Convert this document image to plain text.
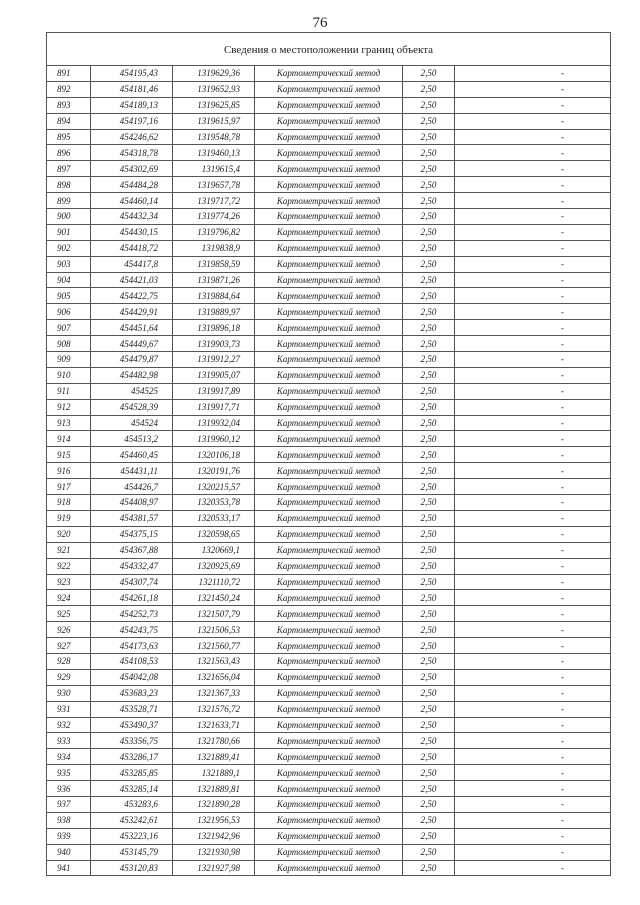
76
Сведения о местоположении границ объекта					
891	454195,43	1319629,36	Картометрический метод	2,50	-
892	454181,46	1319652,93	Картометрический метод	2,50	-
893	454189,13	1319625,85	Картометрический метод	2,50	-
894	454197,16	1319615,97	Картометрический метод	2,50	-
895	454246,62	1319548,78	Картометрический метод	2,50	-
896	454318,78	1319460,13	Картометрический метод	2,50	-
897	454302,69	1319615,4	Картометрический метод	2,50	-
898	454484,28	1319657,78	Картометрический метод	2,50	-
899	454460,14	1319717,72	Картометрический метод	2,50	-
900	454432,34	1319774,26	Картометрический метод	2,50	-
901	454430,15	1319796,82	Картометрический метод	2,50	-
902	454418,72	1319838,9	Картометрический метод	2,50	-
903	454417,8	1319858,59	Картометрический метод	2,50	-
904	454421,03	1319871,26	Картометрический метод	2,50	-
905	454422,75	1319884,64	Картометрический метод	2,50	-
906	454429,91	1319889,97	Картометрический метод	2,50	-
907	454451,64	1319896,18	Картометрический метод	2,50	-
908	454449,67	1319903,73	Картометрический метод	2,50	-
909	454479,87	1319912,27	Картометрический метод	2,50	-
910	454482,98	1319905,07	Картометрический метод	2,50	-
911	454525	1319917,89	Картометрический метод	2,50	-
912	454528,39	1319917,71	Картометрический метод	2,50	-
913	454524	1319932,04	Картометрический метод	2,50	-
914	454513,2	1319960,12	Картометрический метод	2,50	-
915	454460,45	1320106,18	Картометрический метод	2,50	-
916	454431,11	1320191,76	Картометрический метод	2,50	-
917	454426,7	1320215,57	Картометрический метод	2,50	-
918	454408,97	1320353,78	Картометрический метод	2,50	-
919	454381,57	1320533,17	Картометрический метод	2,50	-
920	454375,15	1320598,65	Картометрический метод	2,50	-
921	454367,88	1320669,1	Картометрический метод	2,50	-
922	454332,47	1320925,69	Картометрический метод	2,50	-
923	454307,74	1321110,72	Картометрический метод	2,50	-
924	454261,18	1321450,24	Картометрический метод	2,50	-
925	454252,73	1321507,79	Картометрический метод	2,50	-
926	454243,75	1321506,53	Картометрический метод	2,50	-
927	454173,63	1321560,77	Картометрический метод	2,50	-
928	454108,53	1321563,43	Картометрический метод	2,50	-
929	454042,08	1321656,04	Картометрический метод	2,50	-
930	453683,23	1321367,33	Картометрический метод	2,50	-
931	453528,71	1321576,72	Картометрический метод	2,50	-
932	453490,37	1321633,71	Картометрический метод	2,50	-
933	453356,75	1321780,66	Картометрический метод	2,50	-
934	453286,17	1321889,41	Картометрический метод	2,50	-
935	453285,85	1321889,1	Картометрический метод	2,50	-
936	453285,14	1321889,81	Картометрический метод	2,50	-
937	453283,6	1321890,28	Картометрический метод	2,50	-
938	453242,61	1321956,53	Картометрический метод	2,50	-
939	453223,16	1321942,96	Картометрический метод	2,50	-
940	453145,79	1321930,98	Картометрический метод	2,50	-
941	453120,83	1321927,98	Картометрический метод	2,50	-
